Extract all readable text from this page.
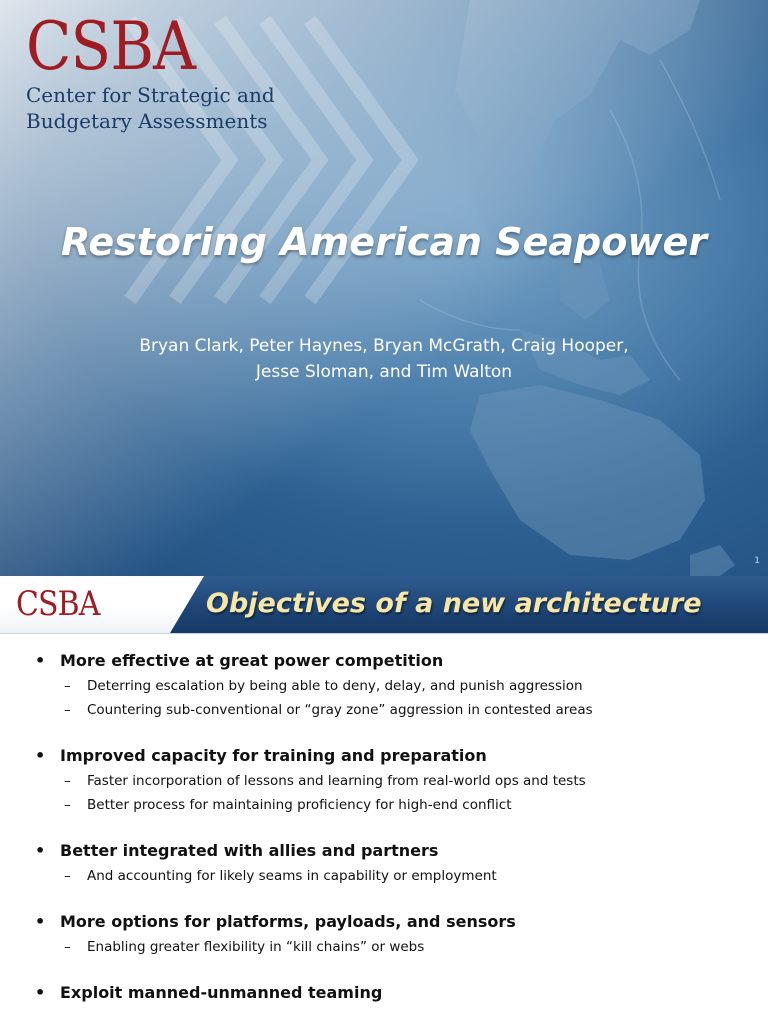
CSBA
Center for Strategic and
Budgetary Assessments
Restoring American Seapower
Bryan Clark, Peter Haynes, Bryan McGrath, Craig Hooper,
Jesse Sloman, and Tim Walton
1
CSBA	Objectives of a new architecture
• More effective at great power competition
– Deterring escalation by being able to deny, delay, and punish aggression
– Countering sub-conventional or “gray zone” aggression in contested areas
• Improved capacity for training and preparation
– Faster incorporation of lessons and learning from real-world ops and tests
– Better process for maintaining proficiency for high-end conflict
• Better integrated with allies and partners
– And accounting for likely seams in capability or employment
• More options for platforms, payloads, and sensors
– Enabling greater flexibility in “kill chains” or webs
• Exploit manned-unmanned teaming
